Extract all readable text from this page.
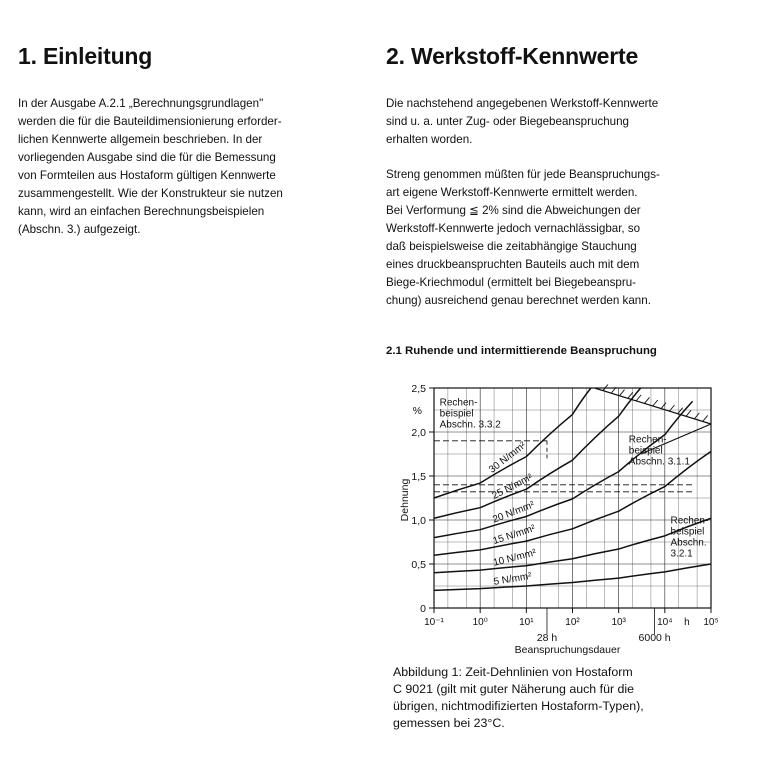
1. Einleitung
In der Ausgabe A.2.1 „Berechnungsgrundlagen"
werden die für die Bauteildimensionierung erforder-
lichen Kennwerte allgemein beschrieben. In der
vorliegenden Ausgabe sind die für die Bemessung
von Formteilen aus Hostaform gültigen Kennwerte
zusammengestellt. Wie der Konstrukteur sie nutzen
kann, wird an einfachen Berechnungsbeispielen
(Abschn. 3.) aufgezeigt.
2. Werkstoff-Kennwerte
Die nachstehend angegebenen Werkstoff-Kennwerte
sind u. a. unter Zug- oder Biegebeanspruchung
erhalten worden.
Streng genommen müßten für jede Beanspruchungs-
art eigene Werkstoff-Kennwerte ermittelt werden.
Bei Verformung ≦ 2% sind die Abweichungen der
Werkstoff-Kennwerte jedoch vernachlässigbar, so
daß beispielsweise die zeitabhängige Stauchung
eines druckbeanspruchten Bauteils auch mit dem
Biege-Kriechmodul (ermittelt bei Biegebeanspru-
chung) ausreichend genau berechnet werden kann.
2.1 Ruhende und intermittierende Beanspruchung
0
0,5
1,0
1,5
2,0
2,5
%
10⁻¹	10⁰	10¹	10²	10³	10⁴ h 10⁵
28 h	6000 h
Beanspruchungsdauer
Dehnung
5 N/mm²
10 N/mm²
15 N/mm²
20 N/mm²
25 N/mm²
30 N/mm²
Rechen-
beispiel
Abschn. 3.3.2
Rechen-
beispiel
Abschn. 3.1.1
Rechen-
beispiel
Abschn.
3.2.1
Abbildung 1: Zeit-Dehnlinien von Hostaform
C 9021 (gilt mit guter Näherung auch für die
übrigen, nichtmodifizierten Hostaform-Typen),
gemessen bei 23°C.
